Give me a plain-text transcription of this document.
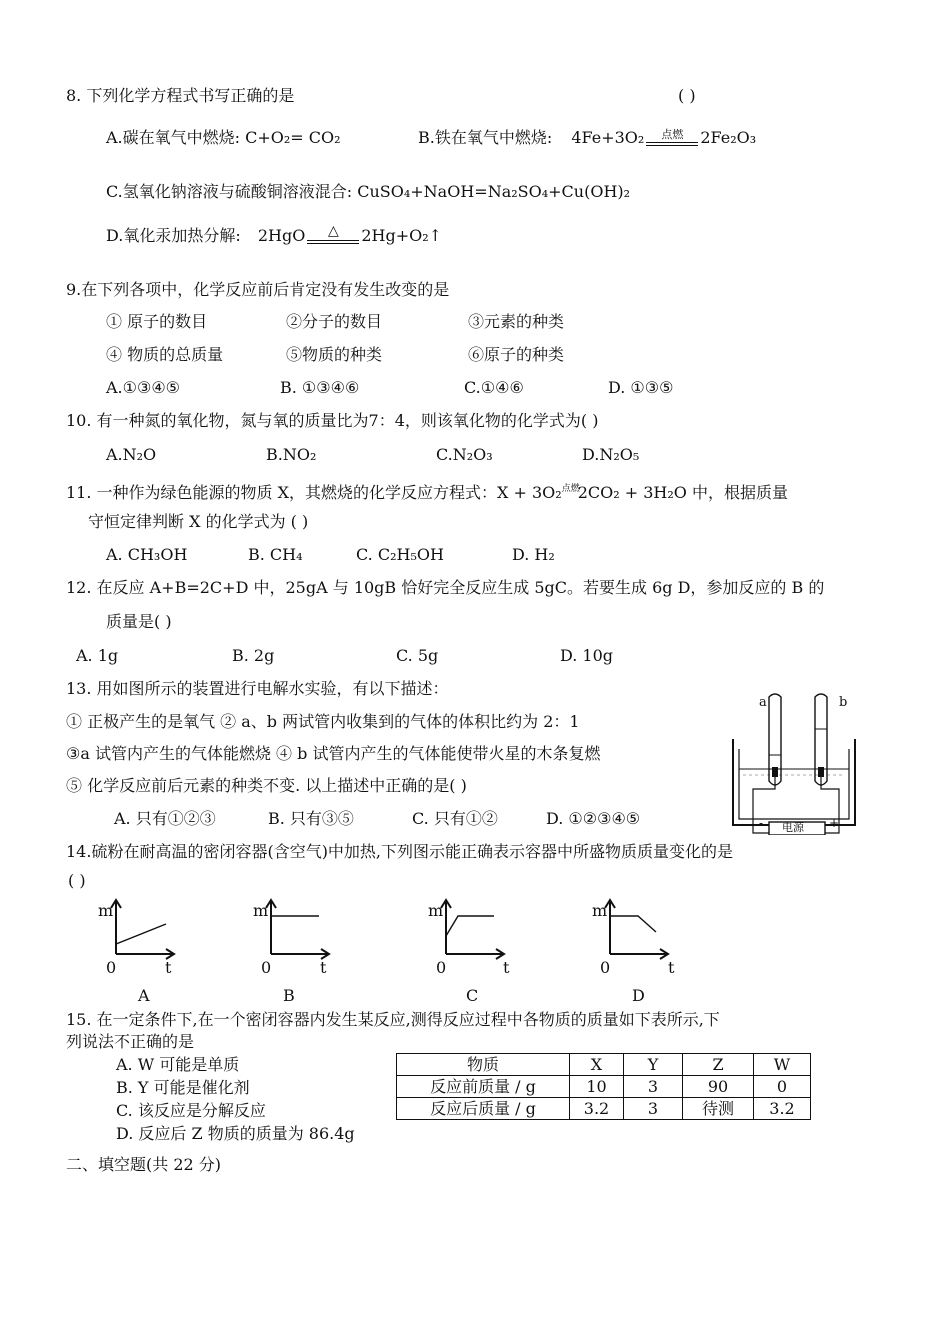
8. 下列化学方程式书写正确的是	( )
A.碳在氧气中燃烧: C+O₂= CO₂	B.铁在氧气中燃烧: 4Fe+3O₂	点燃	2Fe₂O₃
C.氢氧化钠溶液与硫酸铜溶液混合: CuSO₄+NaOH=Na₂SO₄+Cu(OH)₂
D.氧化汞加热分解: 2HgO	△	2Hg+O₂↑
9.在下列各项中，化学反应前后肯定没有发生改变的是
① 原子的数目	②分子的数目	③元素的种类
④ 物质的总质量	⑤物质的种类	⑥原子的种类
A.①③④⑤	B. ①③④⑥	C.①④⑥	D. ①③⑤
10. 有一种氮的氧化物，氮与氧的质量比为7：4，则该氧化物的化学式为( )
A.N₂O	B.NO₂	C.N₂O₃	D.N₂O₅
11. 一种作为绿色能源的物质 X，其燃烧的化学反应方程式：X + 3O₂$^{点燃}$2CO₂ + 3H₂O 中，根据质量
守恒定律判断 X 的化学式为 ( )
A. CH₃OH	B. CH₄	C. C₂H₅OH	D. H₂
12. 在反应 A+B=2C+D 中，25gA 与 10gB 恰好完全反应生成 5gC。若要生成 6g D，参加反应的 B 的
质量是( )
A. 1g	B. 2g	C. 5g	D. 10g
13. 用如图所示的装置进行电解水实验，有以下描述：
① 正极产生的是氧气 ② a、b 两试管内收集到的气体的体积比约为 2：1
③a 试管内产生的气体能燃烧 ④ b 试管内产生的气体能使带火星的木条复燃
⑤ 化学反应前后元素的种类不变. 以上描述中正确的是( )
A. 只有①②③	B. 只有③⑤	C. 只有①②	D. ①②③④⑤
a	b
电源
-	+
14.硫粉在耐高温的密闭容器(含空气)中加热,下列图示能正确表示容器中所盛物质质量变化的是
( )
m
0	t
A
m
0	t
B
m
0	t
C
m
0	t
D
15. 在一定条件下,在一个密闭容器内发生某反应,测得反应过程中各物质的质量如下表所示,下
列说法不正确的是
A. W 可能是单质
B. Y 可能是催化剂
C. 该反应是分解反应
D. 反应后 Z 物质的质量为 86.4g
物质	X	Y	Z	W
反应前质量 / g	10	3	90	0
反应后质量 / g	3.2	3	待测	3.2
二、填空题(共 22 分)
